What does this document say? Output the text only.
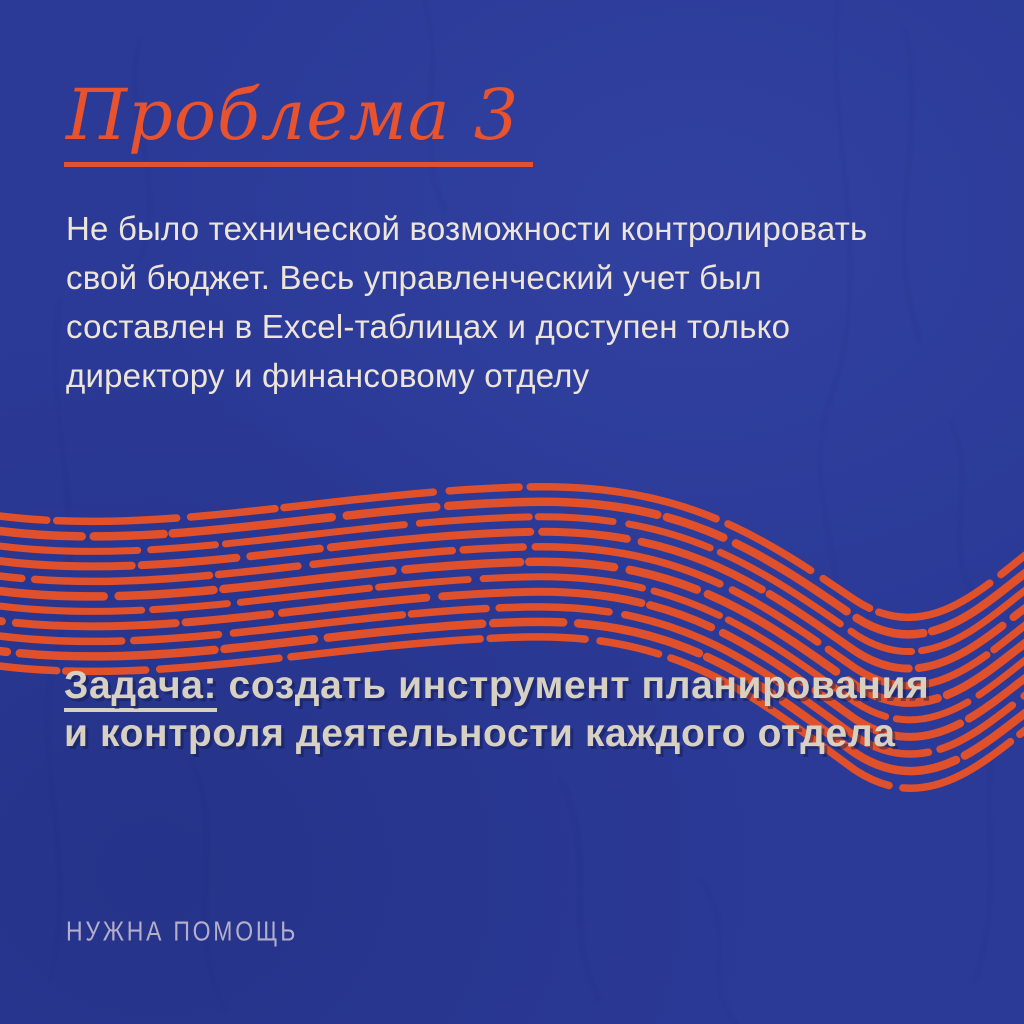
Проблема 3
Не было технической возможности контролировать
свой бюджет. Весь управленческий учет был
составлен в Excel-таблицах и доступен только
директору и финансовому отделу
Задача: создать инструмент планирования
и контроля деятельности каждого отдела
НУЖНА ПОМОЩЬ
